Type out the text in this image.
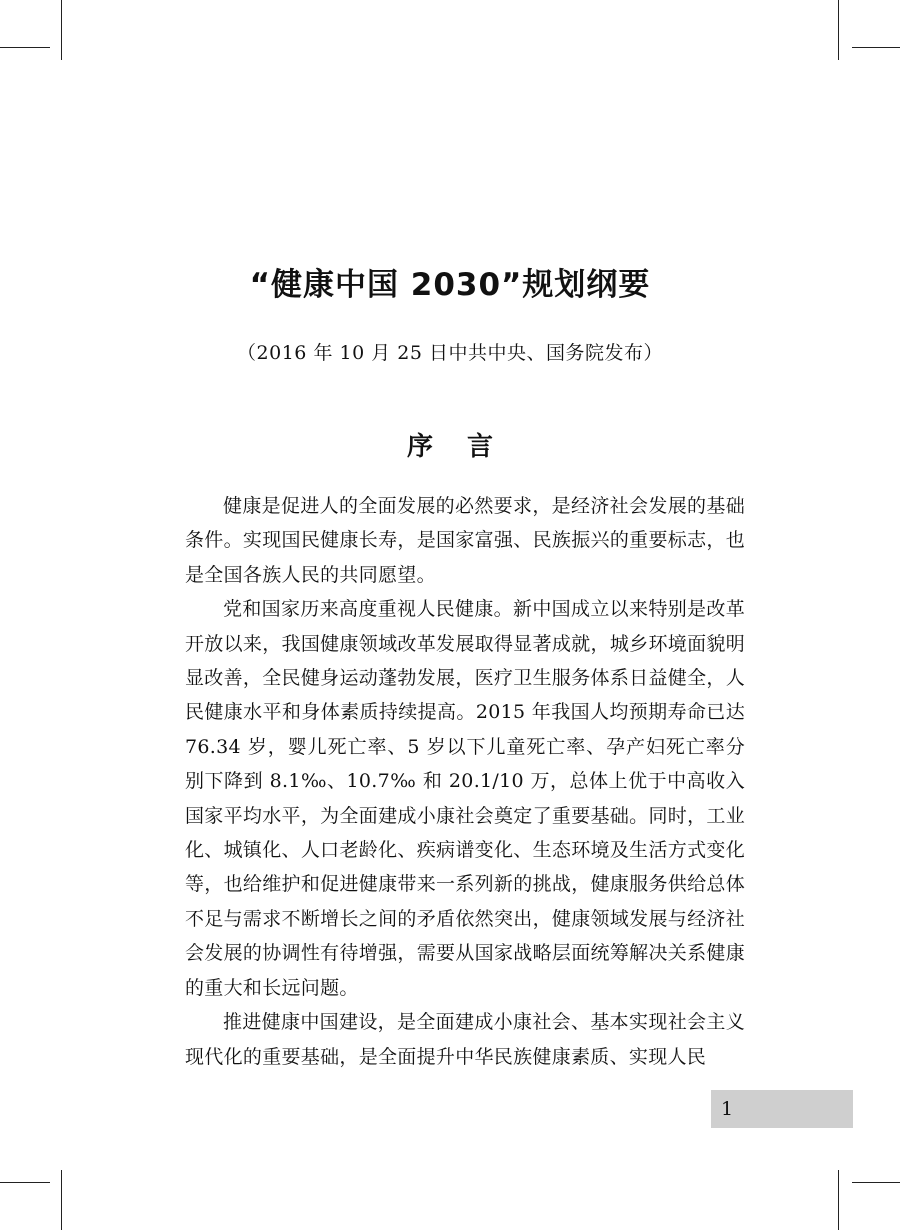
“健康中国 2030”规划纲要
（2016 年 10 月 25 日中共中央、国务院发布）
序言

健康是促进人的全面发展的必然要求，是经济社会发展的基础条件。实现国民健康长寿，是国家富强、民族振兴的重要标志，也是全国各族人民的共同愿望。

党和国家历来高度重视人民健康。新中国成立以来特别是改革开放以来，我国健康领域改革发展取得显著成就，城乡环境面貌明显改善，全民健身运动蓬勃发展，医疗卫生服务体系日益健全，人民健康水平和身体素质持续提高。2015 年我国人均预期寿命已达 76.34 岁，婴儿死亡率、5 岁以下儿童死亡率、孕产妇死亡率分别下降到 8.1‰、10.7‰ 和 20.1/10 万，总体上优于中高收入国家平均水平，为全面建成小康社会奠定了重要基础。同时，工业化、城镇化、人口老龄化、疾病谱变化、生态环境及生活方式变化等，也给维护和促进健康带来一系列新的挑战，健康服务供给总体不足与需求不断增长之间的矛盾依然突出，健康领域发展与经济社会发展的协调性有待增强，需要从国家战略层面统筹解决关系健康的重大和长远问题。

推进健康中国建设，是全面建成小康社会、基本实现社会主义现代化的重要基础，是全面提升中华民族健康素质、实现人民

1
